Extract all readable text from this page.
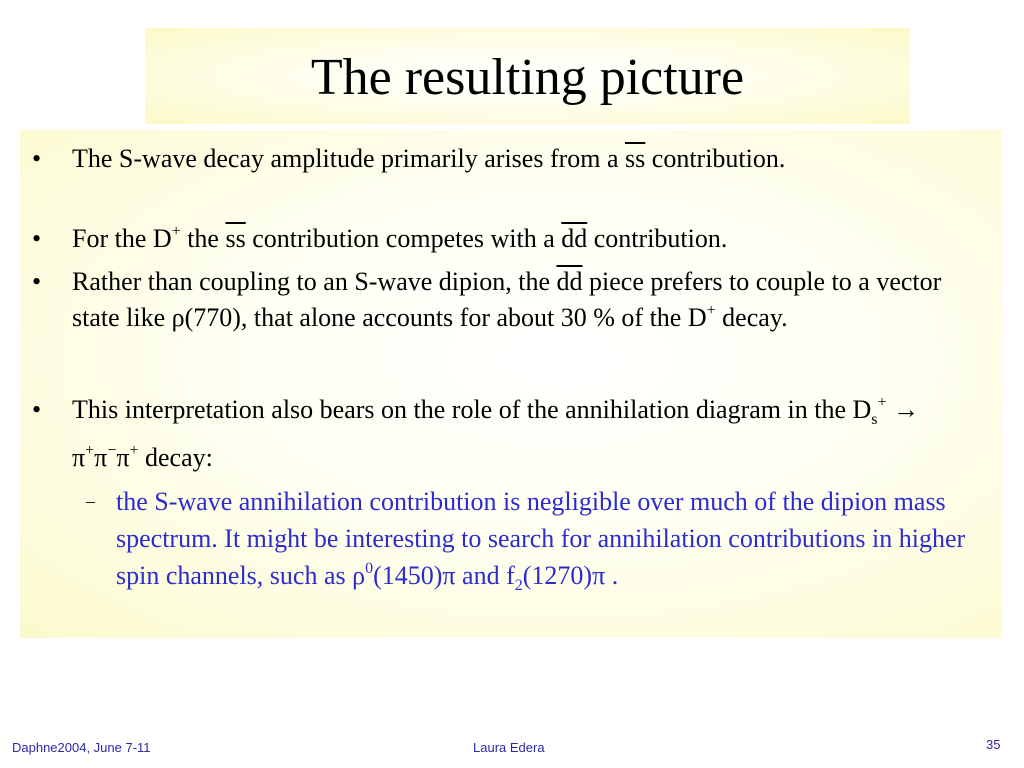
The resulting picture
• The S-wave decay amplitude primarily arises from a $\overline{ss}$ contribution.
• For the D+ the $\overline{ss}$ contribution competes with a $\overline{dd}$ contribution.
• Rather than coupling to an S-wave dipion, the $\overline{dd}$ piece prefers to couple to a vector state like ρ(770), that alone accounts for about 30 % of the D+ decay.
• This interpretation also bears on the role of the annihilation diagram in the $D_s^+ \to \pi^+\pi^-\pi^+$ decay:
– the S-wave annihilation contribution is negligible over much of the dipion mass spectrum. It might be interesting to search for annihilation contributions in higher spin channels, such as $\rho^0(1450)\pi$ and $f_2(1270)\pi$ .
Daphne2004, June 7-11	Laura Edera	35
